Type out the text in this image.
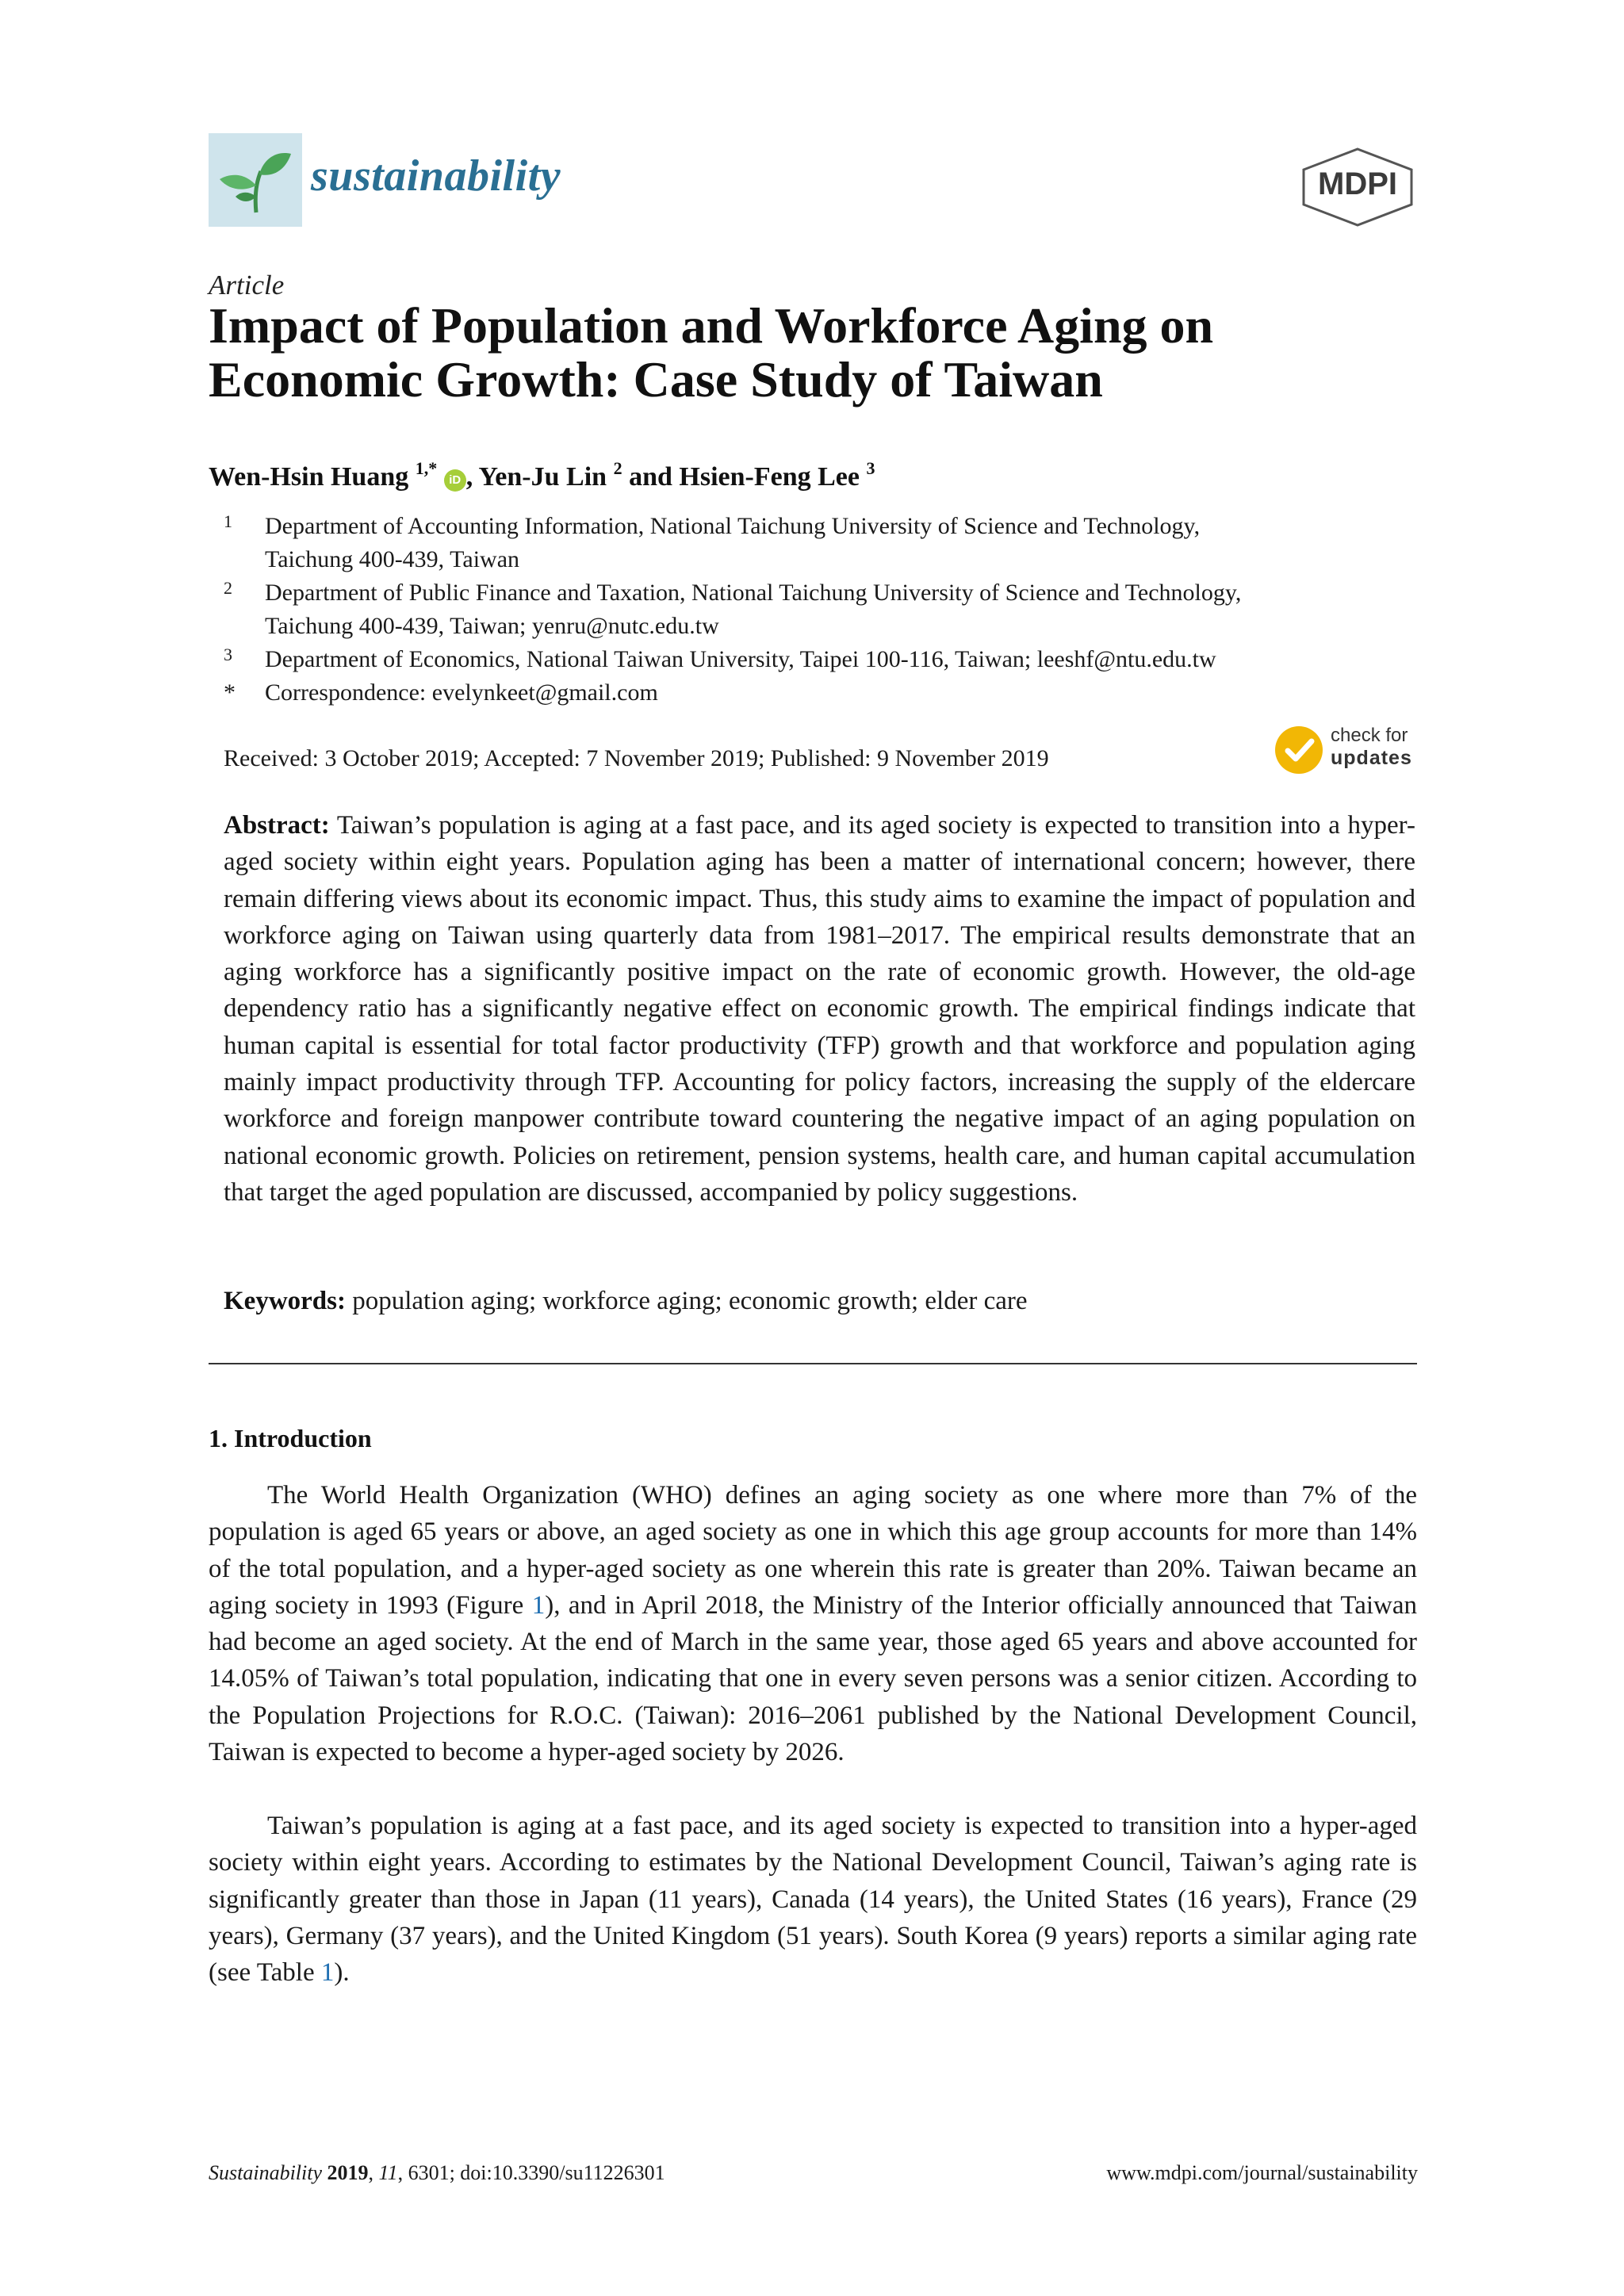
sustainability	MDPI
Article
Impact of Population and Workforce Aging on
Economic Growth: Case Study of Taiwan
Wen-Hsin Huang $^{1,*}$ iD , Yen-Ju Lin $^2$ and Hsien-Feng Lee $^3$
1 Department of Accounting Information, National Taichung University of Science and Technology,
Taichung 400-439, Taiwan
2 Department of Public Finance and Taxation, National Taichung University of Science and Technology,
Taichung 400-439, Taiwan; yenru@nutc.edu.tw
3 Department of Economics, National Taiwan University, Taipei 100-116, Taiwan; leeshf@ntu.edu.tw
* Correspondence: evelynkeet@gmail.com
Received: 3 October 2019; Accepted: 7 November 2019; Published: 9 November 2019
check for
updates
Abstract: Taiwan’s population is aging at a fast pace, and its aged society is expected to transition into a hyper-aged society within eight years. Population aging has been a matter of international concern; however, there remain differing views about its economic impact. Thus, this study aims to examine the impact of population and workforce aging on Taiwan using quarterly data from 1981–2017. The empirical results demonstrate that an aging workforce has a significantly positive impact on the rate of economic growth. However, the old-age dependency ratio has a significantly negative effect on economic growth. The empirical findings indicate that human capital is essential for total factor productivity (TFP) growth and that workforce and population aging mainly impact productivity through TFP. Accounting for policy factors, increasing the supply of the eldercare workforce and foreign manpower contribute toward countering the negative impact of an aging population on national economic growth. Policies on retirement, pension systems, health care, and human capital accumulation that target the aged population are discussed, accompanied by policy suggestions.
Keywords: population aging; workforce aging; economic growth; elder care
1. Introduction
The World Health Organization (WHO) defines an aging society as one where more than 7% of the population is aged 65 years or above, an aged society as one in which this age group accounts for more than 14% of the total population, and a hyper-aged society as one wherein this rate is greater than 20%. Taiwan became an aging society in 1993 (Figure 1), and in April 2018, the Ministry of the Interior officially announced that Taiwan had become an aged society. At the end of March in the same year, those aged 65 years and above accounted for 14.05% of Taiwan’s total population, indicating that one in every seven persons was a senior citizen. According to the Population Projections for R.O.C. (Taiwan): 2016–2061 published by the National Development Council, Taiwan is expected to become a hyper-aged society by 2026.
Taiwan’s population is aging at a fast pace, and its aged society is expected to transition into a hyper-aged society within eight years. According to estimates by the National Development Council, Taiwan’s aging rate is significantly greater than those in Japan (11 years), Canada (14 years), the United States (16 years), France (29 years), Germany (37 years), and the United Kingdom (51 years). South Korea (9 years) reports a similar aging rate (see Table 1).
Sustainability 2019, 11, 6301; doi:10.3390/su11226301	www.mdpi.com/journal/sustainability
